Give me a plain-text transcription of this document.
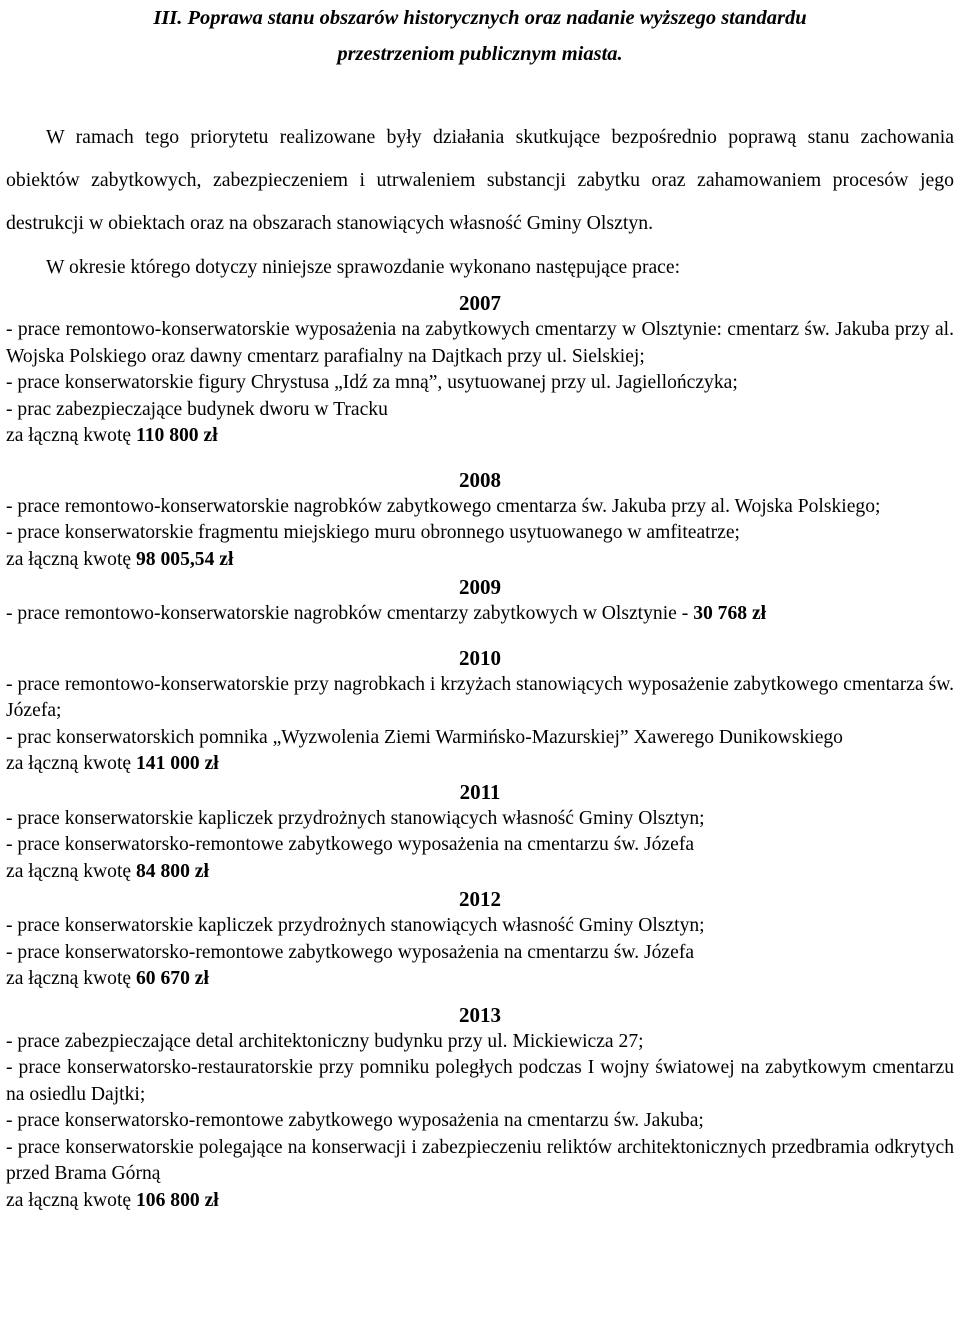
III. Poprawa stanu obszarów historycznych oraz nadanie wyższego standardu

przestrzeniom publicznym miasta.

W ramach tego priorytetu realizowane były działania skutkujące bezpośrednio poprawą stanu zachowania obiektów zabytkowych, zabezpieczeniem i utrwaleniem substancji zabytku oraz zahamowaniem procesów jego destrukcji w obiektach oraz na obszarach stanowiących własność Gminy Olsztyn.

W okresie którego dotyczy niniejsze sprawozdanie wykonano następujące prace:

2007

- prace remontowo-konserwatorskie wyposażenia na zabytkowych cmentarzy w Olsztynie: cmentarz św. Jakuba przy al. Wojska Polskiego oraz dawny cmentarz parafialny na Dajtkach przy ul. Sielskiej;

- prace konserwatorskie figury Chrystusa „Idź za mną”, usytuowanej przy ul. Jagiellończyka;

- prac zabezpieczające budynek dworu w Tracku

za łączną kwotę 110 800 zł

2008

- prace remontowo-konserwatorskie nagrobków zabytkowego cmentarza św. Jakuba przy al. Wojska Polskiego;

- prace konserwatorskie fragmentu miejskiego muru obronnego usytuowanego w amfiteatrze;

za łączną kwotę 98 005,54 zł

2009

- prace remontowo-konserwatorskie nagrobków cmentarzy zabytkowych w Olsztynie - 30 768 zł

2010

- prace remontowo-konserwatorskie przy nagrobkach i krzyżach stanowiących wyposażenie zabytkowego cmentarza św. Józefa;

- prac konserwatorskich pomnika „Wyzwolenia Ziemi Warmińsko-Mazurskiej” Xawerego Dunikowskiego

za łączną kwotę 141 000 zł

2011

- prace konserwatorskie kapliczek przydrożnych stanowiących własność Gminy Olsztyn;

- prace konserwatorsko-remontowe zabytkowego wyposażenia na cmentarzu św. Józefa

za łączną kwotę 84 800 zł

2012

- prace konserwatorskie kapliczek przydrożnych stanowiących własność Gminy Olsztyn;

- prace konserwatorsko-remontowe zabytkowego wyposażenia na cmentarzu św. Józefa

za łączną kwotę 60 670 zł

2013

- prace zabezpieczające detal architektoniczny budynku przy ul. Mickiewicza 27;

- prace konserwatorsko-restauratorskie przy pomniku poległych podczas I wojny światowej na zabytkowym cmentarzu na osiedlu Dajtki;

- prace konserwatorsko-remontowe zabytkowego wyposażenia na cmentarzu św. Jakuba;

- prace konserwatorskie polegające na konserwacji i zabezpieczeniu reliktów architektonicznych przedbramia odkrytych przed Brama Górną

za łączną kwotę 106 800 zł
